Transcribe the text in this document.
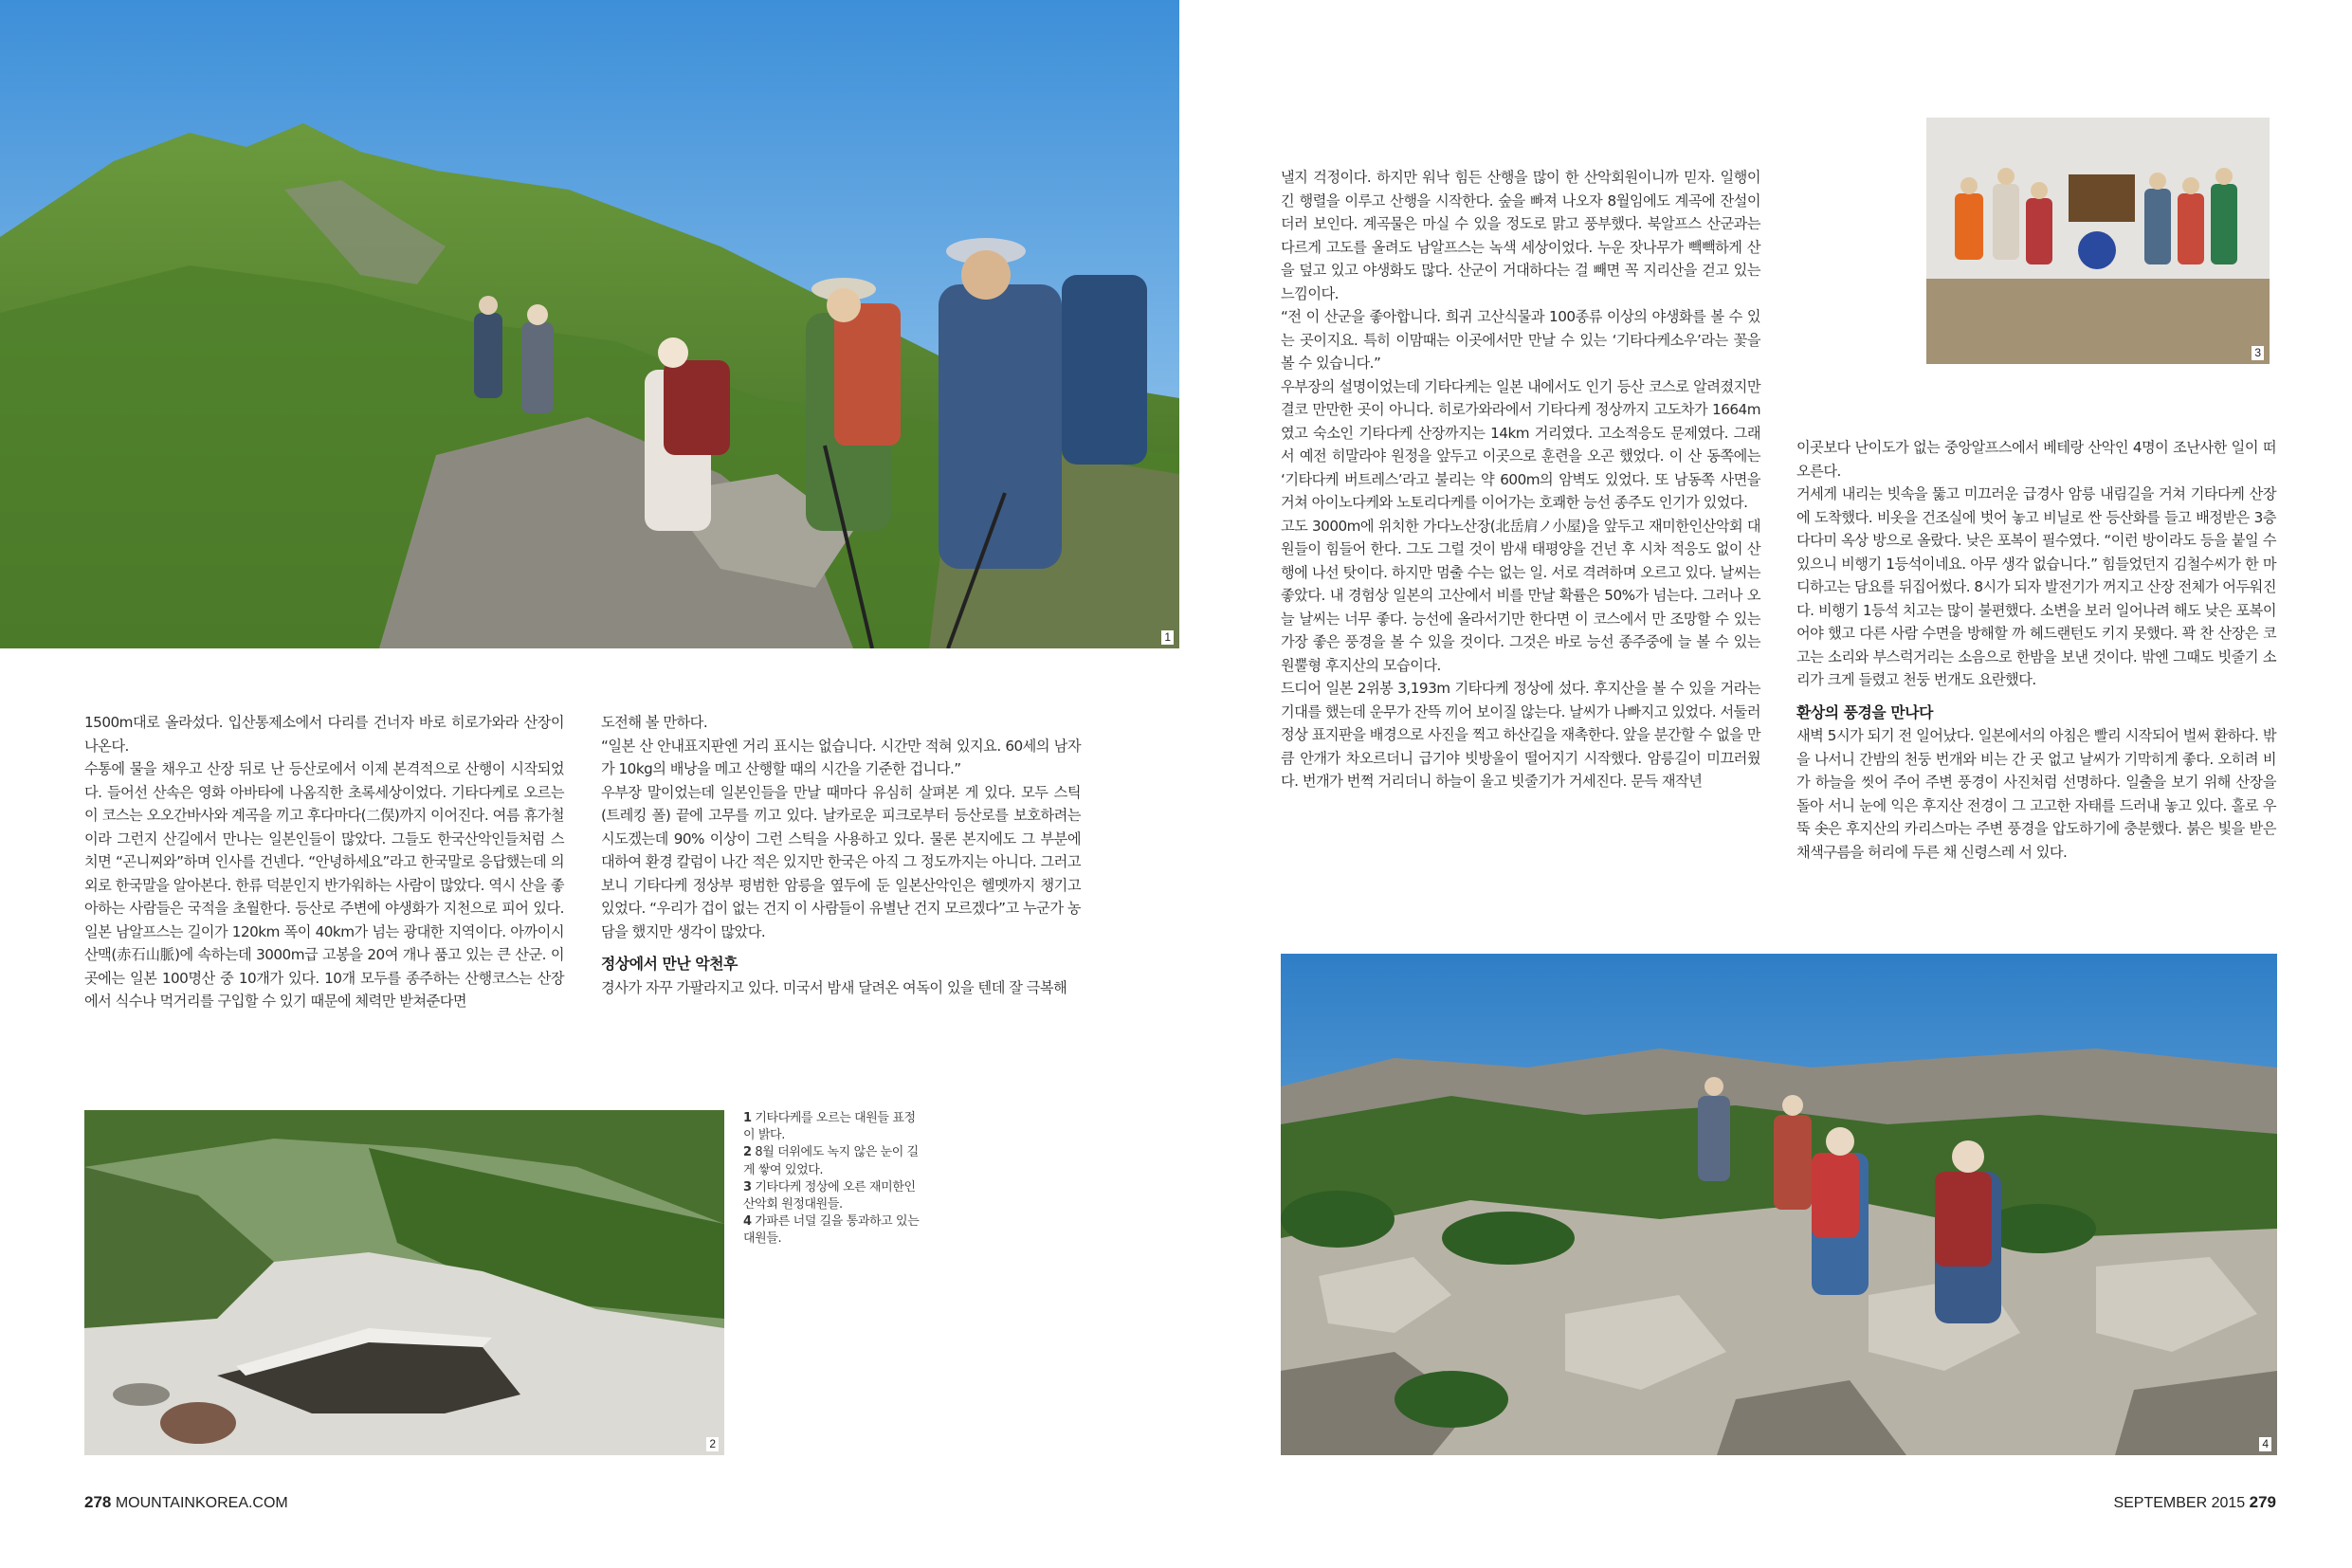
1
2
3
4

1500m대로 올라섰다. 입산통제소에서 다리를 건너자 바로 히로가와라 산장이 나온다.

수통에 물을 채우고 산장 뒤로 난 등산로에서 이제 본격적으로 산행이 시작되었다. 들어선 산속은 영화 아바타에 나옴직한 초록세상이었다. 기타다케로 오르는 이 코스는 오오간바사와 계곡을 끼고 후다마다(二俣)까지 이어진다. 여름 휴가철이라 그런지 산길에서 만나는 일본인들이 많았다. 그들도 한국산악인들처럼 스치면 “곤니찌와”하며 인사를 건넨다. “안녕하세요”라고 한국말로 응답했는데 의외로 한국말을 알아본다. 한류 덕분인지 반가워하는 사람이 많았다. 역시 산을 좋아하는 사람들은 국적을 초월한다. 등산로 주변에 야생화가 지천으로 피어 있다. 일본 남알프스는 길이가 120km 폭이 40km가 넘는 광대한 지역이다. 아까이시 산맥(赤石山脈)에 속하는데 3000m급 고봉을 20여 개나 품고 있는 큰 산군. 이곳에는 일본 100명산 중 10개가 있다. 10개 모두를 종주하는 산행코스는 산장에서 식수나 먹거리를 구입할 수 있기 때문에 체력만 받쳐준다면

도전해 볼 만하다.

“일본 산 안내표지판엔 거리 표시는 없습니다. 시간만 적혀 있지요. 60세의 남자가 10kg의 배낭을 메고 산행할 때의 시간을 기준한 겁니다.”

우부장 말이었는데 일본인들을 만날 때마다 유심히 살펴본 게 있다. 모두 스틱(트레킹 폴) 끝에 고무를 끼고 있다. 날카로운 피크로부터 등산로를 보호하려는 시도겠는데 90% 이상이 그런 스틱을 사용하고 있다. 물론 본지에도 그 부분에 대하여 환경 칼럼이 나간 적은 있지만 한국은 아직 그 정도까지는 아니다. 그러고 보니 기타다케 정상부 평범한 암릉을 옆두에 둔 일본산악인은 헬멧까지 챙기고 있었다. “우리가 겁이 없는 건지 이 사람들이 유별난 건지 모르겠다”고 누군가 농담을 했지만 생각이 많았다.

정상에서 만난 악천후

경사가 자꾸 가팔라지고 있다. 미국서 밤새 달려온 여독이 있을 텐데 잘 극복해

1 기타다케를 오르는 대원들 표정이 밝다.
2 8월 더위에도 녹지 않은 눈이 길게 쌓여 있었다.
3 기타다케 정상에 오른 재미한인산악회 원정대원들.
4 가파른 너덜 길을 통과하고 있는 대원들.
278 MOUNTAINKOREA.COM

낼지 걱정이다. 하지만 워낙 힘든 산행을 많이 한 산악회원이니까 믿자. 일행이 긴 행렬을 이루고 산행을 시작한다. 숲을 빠져 나오자 8월임에도 계곡에 잔설이 더러 보인다. 계곡물은 마실 수 있을 정도로 맑고 풍부했다. 북알프스 산군과는 다르게 고도를 올려도 남알프스는 녹색 세상이었다. 누운 잣나무가 빽빽하게 산을 덮고 있고 야생화도 많다. 산군이 거대하다는 걸 빼면 꼭 지리산을 걷고 있는 느낌이다.

“전 이 산군을 좋아합니다. 희귀 고산식물과 100종류 이상의 야생화를 볼 수 있는 곳이지요. 특히 이맘때는 이곳에서만 만날 수 있는 ‘기타다케소우’라는 꽃을 볼 수 있습니다.”

우부장의 설명이었는데 기타다케는 일본 내에서도 인기 등산 코스로 알려졌지만 결코 만만한 곳이 아니다. 히로가와라에서 기타다케 정상까지 고도차가 1664m였고 숙소인 기타다케 산장까지는 14km 거리였다. 고소적응도 문제였다. 그래서 예전 히말라야 원정을 앞두고 이곳으로 훈련을 오곤 했었다. 이 산 동쪽에는 ‘기타다케 버트레스’라고 불리는 약 600m의 암벽도 있었다. 또 남동쪽 사면을 거쳐 아이노다케와 노토리다케를 이어가는 호쾌한 능선 종주도 인기가 있었다.

고도 3000m에 위치한 가다노산장(北岳肩ノ小屋)을 앞두고 재미한인산악회 대원들이 힘들어 한다. 그도 그럴 것이 밤새 태평양을 건넌 후 시차 적응도 없이 산행에 나선 탓이다. 하지만 멈출 수는 없는 일. 서로 격려하며 오르고 있다. 날씨는 좋았다. 내 경험상 일본의 고산에서 비를 만날 확률은 50%가 넘는다. 그러나 오늘 날씨는 너무 좋다. 능선에 올라서기만 한다면 이 코스에서 만 조망할 수 있는 가장 좋은 풍경을 볼 수 있을 것이다. 그것은 바로 능선 종주중에 늘 볼 수 있는 원뿔형 후지산의 모습이다.

드디어 일본 2위봉 3,193m 기타다케 정상에 섰다. 후지산을 볼 수 있을 거라는 기대를 했는데 운무가 잔뜩 끼어 보이질 않는다. 날씨가 나빠지고 있었다. 서둘러 정상 표지판을 배경으로 사진을 찍고 하산길을 재촉한다. 앞을 분간할 수 없을 만큼 안개가 차오르더니 급기야 빗방울이 떨어지기 시작했다. 암릉길이 미끄러웠다. 번개가 번쩍 거리더니 하늘이 울고 빗줄기가 거세진다. 문득 재작년

이곳보다 난이도가 없는 중앙알프스에서 베테랑 산악인 4명이 조난사한 일이 떠오른다.

거세게 내리는 빗속을 뚫고 미끄러운 급경사 암릉 내림길을 거쳐 기타다케 산장에 도착했다. 비옷을 건조실에 벗어 놓고 비닐로 싼 등산화를 들고 배정받은 3층 다다미 옥상 방으로 올랐다. 낮은 포복이 필수였다. “이런 방이라도 등을 붙일 수 있으니 비행기 1등석이네요. 아무 생각 없습니다.” 힘들었던지 김철수씨가 한 마디하고는 담요를 뒤집어썼다. 8시가 되자 발전기가 꺼지고 산장 전체가 어두워진다. 비행기 1등석 치고는 많이 불편했다. 소변을 보러 일어나려 해도 낮은 포복이어야 했고 다른 사람 수면을 방해할 까 헤드랜턴도 키지 못했다. 꽉 찬 산장은 코고는 소리와 부스럭거리는 소음으로 한밤을 보낸 것이다. 밖엔 그때도 빗줄기 소리가 크게 들렸고 천둥 번개도 요란했다.

환상의 풍경을 만나다

새벽 5시가 되기 전 일어났다. 일본에서의 아침은 빨리 시작되어 벌써 환하다. 밖을 나서니 간밤의 천둥 번개와 비는 간 곳 없고 날씨가 기막히게 좋다. 오히려 비가 하늘을 씻어 주어 주변 풍경이 사진처럼 선명하다. 일출을 보기 위해 산장을 돌아 서니 눈에 익은 후지산 전경이 그 고고한 자태를 드러내 놓고 있다. 홀로 우뚝 솟은 후지산의 카리스마는 주변 풍경을 압도하기에 충분했다. 붉은 빛을 받은 채색구름을 허리에 두른 채 신령스레 서 있다.

SEPTEMBER 2015 279
